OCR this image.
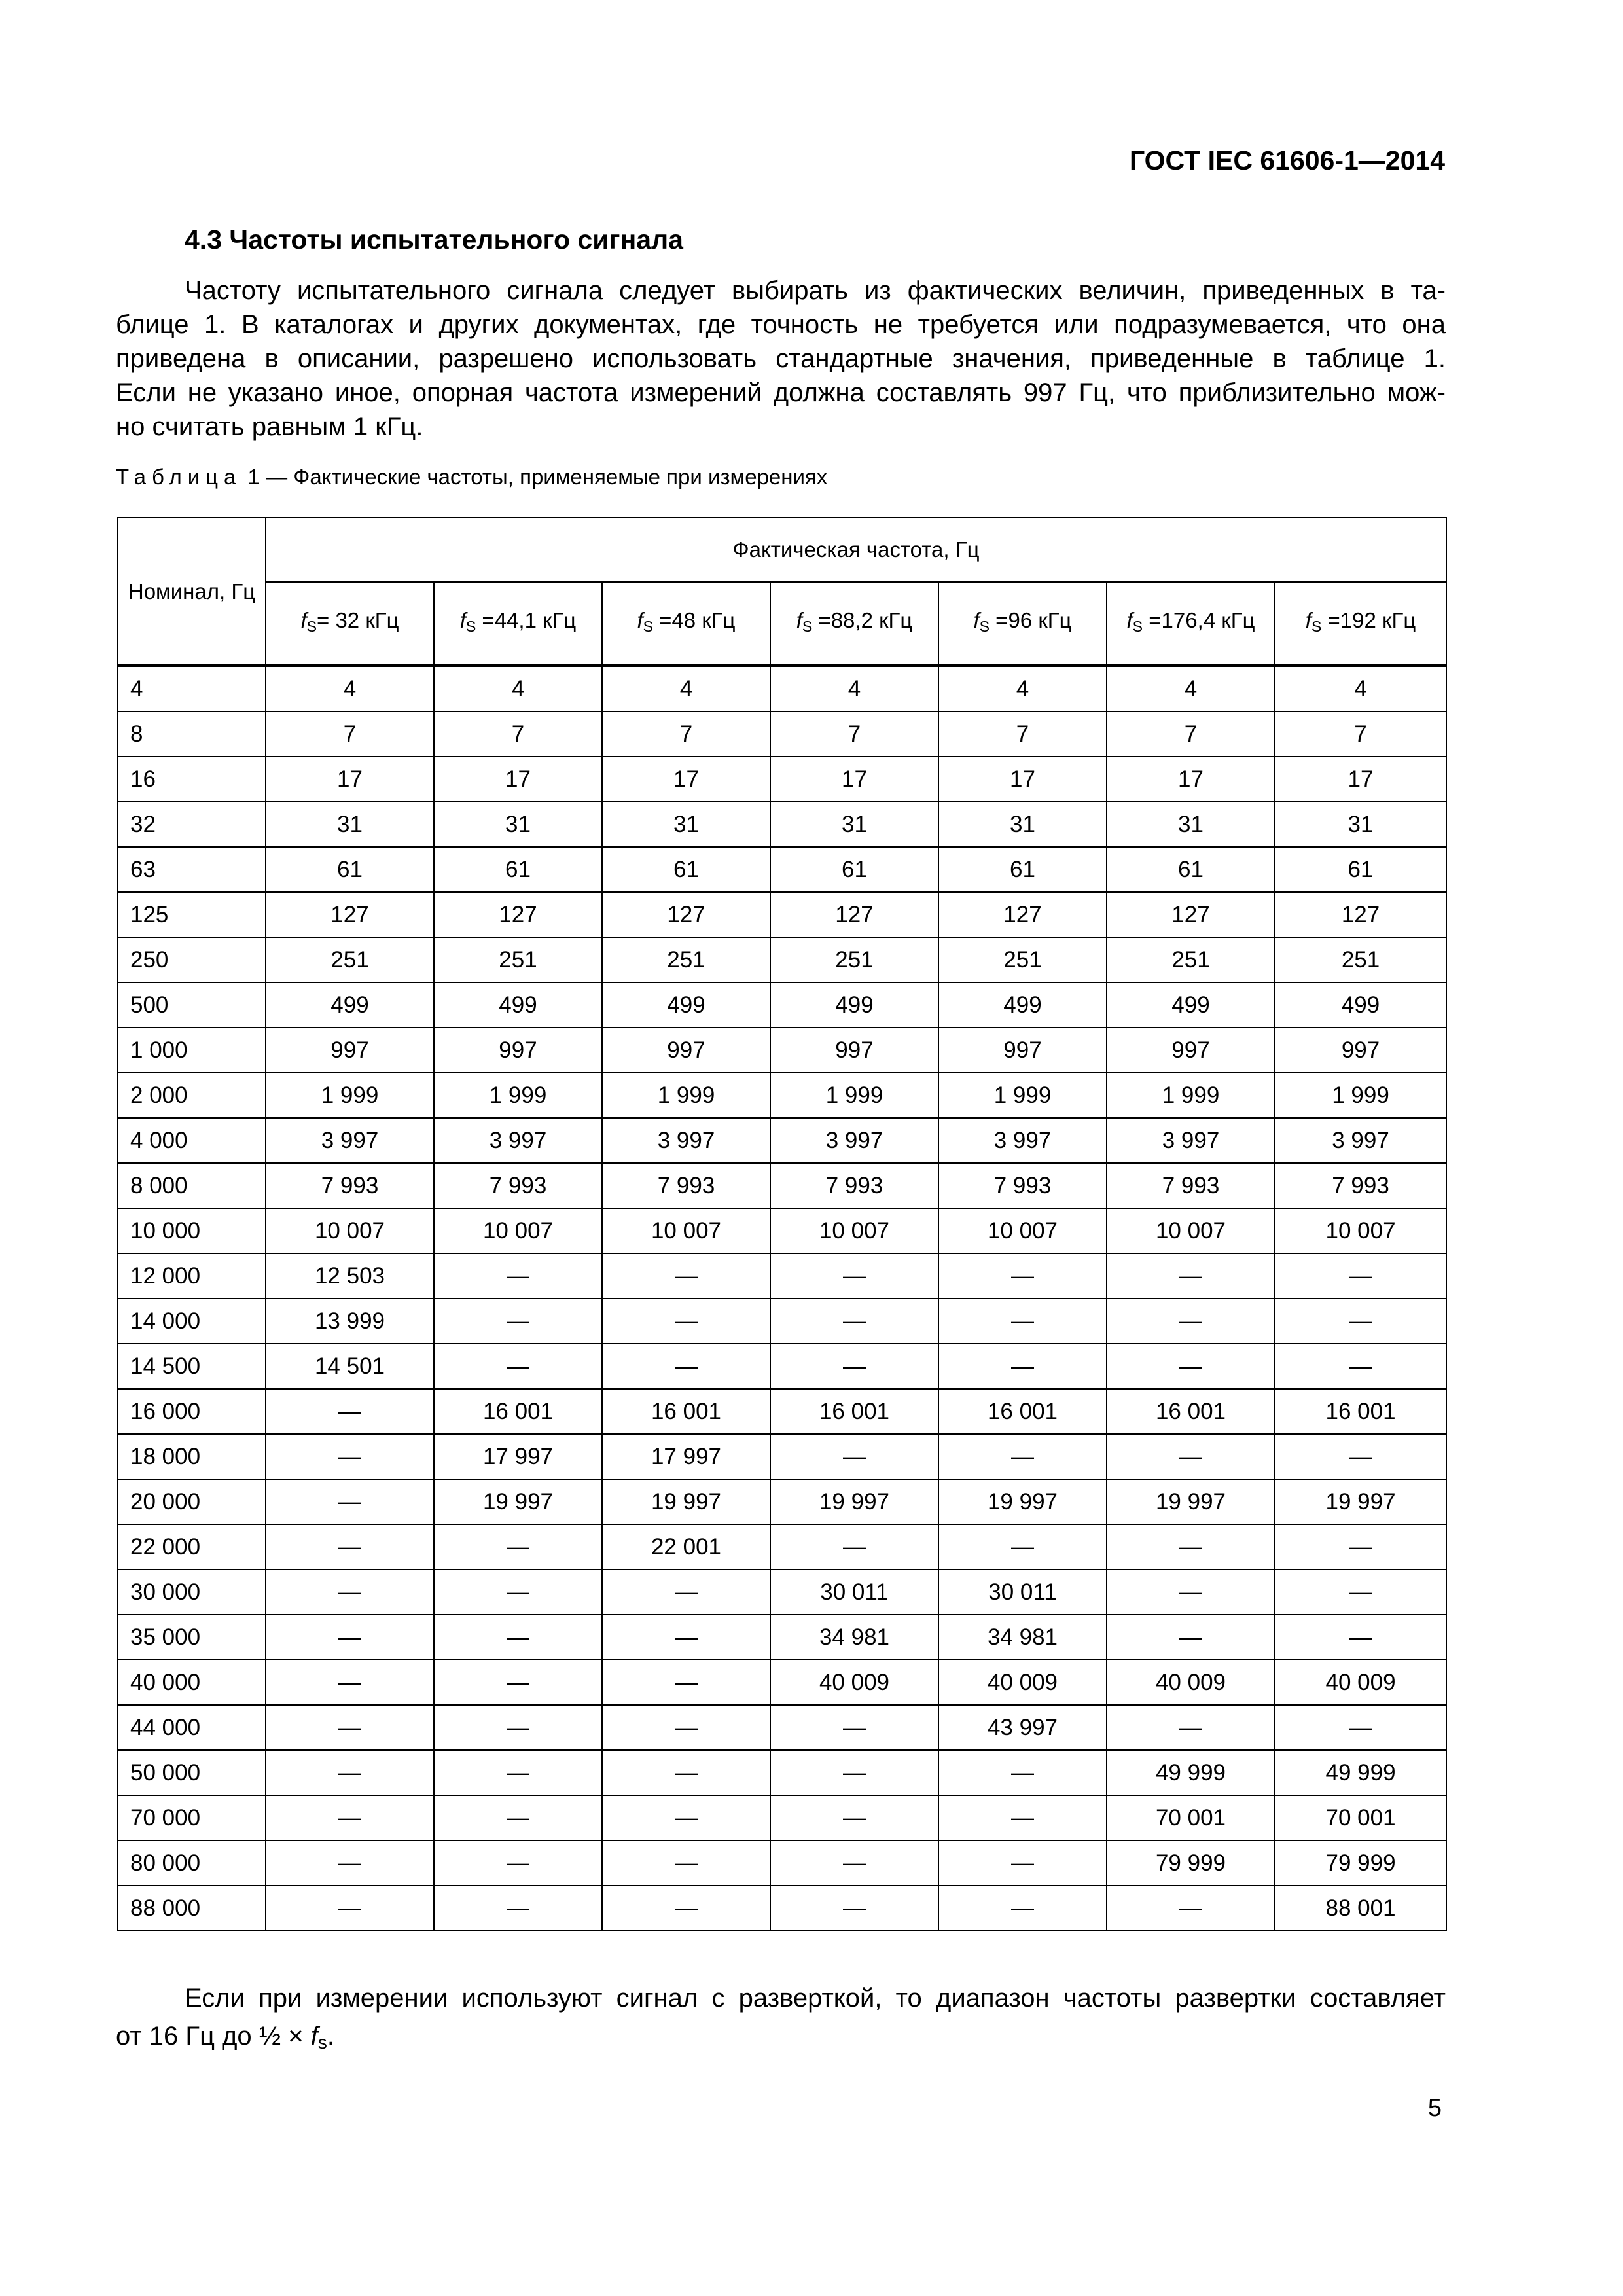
ГОСТ IEC 61606-1—2014
4.3 Частоты испытательного сигнала

Частоту испытательного сигнала следует выбирать из фактических величин, приведенных в та-
блице 1. В каталогах и других документах, где точность не требуется или подразумевается, что она
приведена в описании, разрешено использовать стандартные значения, приведенные в таблице 1.
Если не указано иное, опорная частота измерений должна составлять 997 Гц, что приблизительно мож-
но считать равным 1 кГц.

Таблица 1 — Фактические частоты, применяемые при измерениях
Номинал, Гц	Фактическая частота, Гц						
	$f_S= 32$ кГц	$f_S =44,1$ кГц	$f_S =48$ кГц	$f_S =88,2$ кГц	$f_S =96$ кГц	$f_S =176,4$ кГц	$f_S =192$ кГц
4	4	4	4	4	4	4	4
8	7	7	7	7	7	7	7
16	17	17	17	17	17	17	17
32	31	31	31	31	31	31	31
63	61	61	61	61	61	61	61
125	127	127	127	127	127	127	127
250	251	251	251	251	251	251	251
500	499	499	499	499	499	499	499
1 000	997	997	997	997	997	997	997
2 000	1 999	1 999	1 999	1 999	1 999	1 999	1 999
4 000	3 997	3 997	3 997	3 997	3 997	3 997	3 997
8 000	7 993	7 993	7 993	7 993	7 993	7 993	7 993
10 000	10 007	10 007	10 007	10 007	10 007	10 007	10 007
12 000	12 503	—	—	—	—	—	—
14 000	13 999	—	—	—	—	—	—
14 500	14 501	—	—	—	—	—	—
16 000	—	16 001	16 001	16 001	16 001	16 001	16 001
18 000	—	17 997	17 997	—	—	—	—
20 000	—	19 997	19 997	19 997	19 997	19 997	19 997
22 000	—	—	22 001	—	—	—	—
30 000	—	—	—	30 011	30 011	—	—
35 000	—	—	—	34 981	34 981	—	—
40 000	—	—	—	40 009	40 009	40 009	40 009
44 000	—	—	—	—	43 997	—	—
50 000	—	—	—	—	—	49 999	49 999
70 000	—	—	—	—	—	70 001	70 001
80 000	—	—	—	—	—	79 999	79 999
88 000	—	—	—	—	—	—	88 001

Если при измерении используют сигнал с разверткой, то диапазон частоты развертки составляет
от 16 Гц до ½ × $f_s$.

5
